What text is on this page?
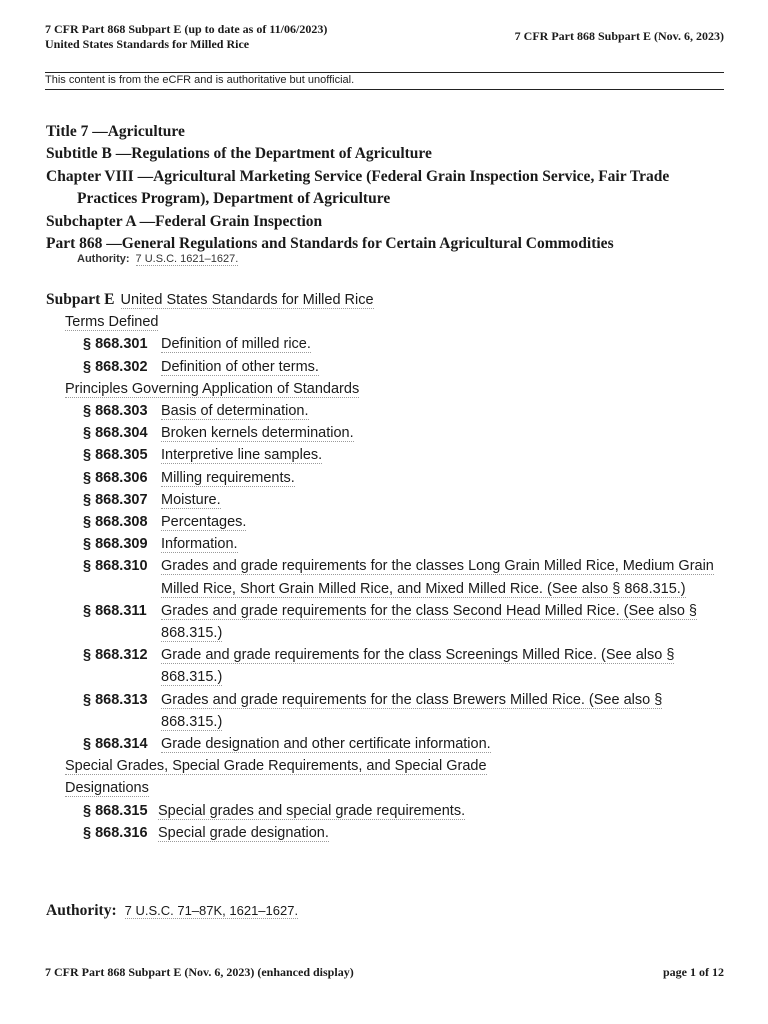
7 CFR Part 868 Subpart E (up to date as of 11/06/2023)
United States Standards for Milled Rice
7 CFR Part 868 Subpart E (Nov. 6, 2023)
This content is from the eCFR and is authoritative but unofficial.
Title 7 —Agriculture
Subtitle B —Regulations of the Department of Agriculture
Chapter VIII —Agricultural Marketing Service (Federal Grain Inspection Service, Fair Trade Practices Program), Department of Agriculture
Subchapter A —Federal Grain Inspection
Part 868 —General Regulations and Standards for Certain Agricultural Commodities
Authority: 7 U.S.C. 1621–1627.
Subpart E United States Standards for Milled Rice
Terms Defined
§ 868.301 Definition of milled rice.
§ 868.302 Definition of other terms.
Principles Governing Application of Standards
§ 868.303 Basis of determination.
§ 868.304 Broken kernels determination.
§ 868.305 Interpretive line samples.
§ 868.306 Milling requirements.
§ 868.307 Moisture.
§ 868.308 Percentages.
§ 868.309 Information.
§ 868.310 Grades and grade requirements for the classes Long Grain Milled Rice, Medium Grain Milled Rice, Short Grain Milled Rice, and Mixed Milled Rice. (See also § 868.315.)
§ 868.311 Grades and grade requirements for the class Second Head Milled Rice. (See also § 868.315.)
§ 868.312 Grade and grade requirements for the class Screenings Milled Rice. (See also § 868.315.)
§ 868.313 Grades and grade requirements for the class Brewers Milled Rice. (See also § 868.315.)
§ 868.314 Grade designation and other certificate information.
Special Grades, Special Grade Requirements, and Special Grade Designations
§ 868.315 Special grades and special grade requirements.
§ 868.316 Special grade designation.
Authority: 7 U.S.C. 71–87K, 1621–1627.
7 CFR Part 868 Subpart E (Nov. 6, 2023) (enhanced display)	page 1 of 12
